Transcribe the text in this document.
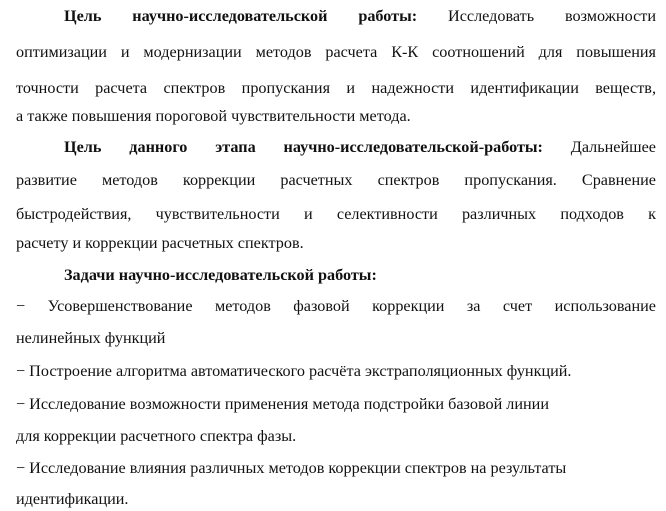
Цель научно-исследовательской работы: Исследовать возможности
оптимизации и модернизации методов расчета К-К соотношений для повышения
точности расчета спектров пропускания и надежности идентификации веществ,
а также повышения пороговой чувствительности метода.
Цель данного этапа научно-исследовательской-работы: Дальнейшее
развитие методов коррекции расчетных спектров пропускания. Сравнение
быстродействия, чувствительности и селективности различных подходов к
расчету и коррекции расчетных спектров.
Задачи научно-исследовательской работы:
− Усовершенствование методов фазовой коррекции за счет использование
нелинейных функций
− Построение алгоритма автоматического расчёта экстраполяционных функций.
− Исследование возможности применения метода подстройки базовой линии
для коррекции расчетного спектра фазы.
− Исследование влияния различных методов коррекции спектров на результаты
идентификации.
